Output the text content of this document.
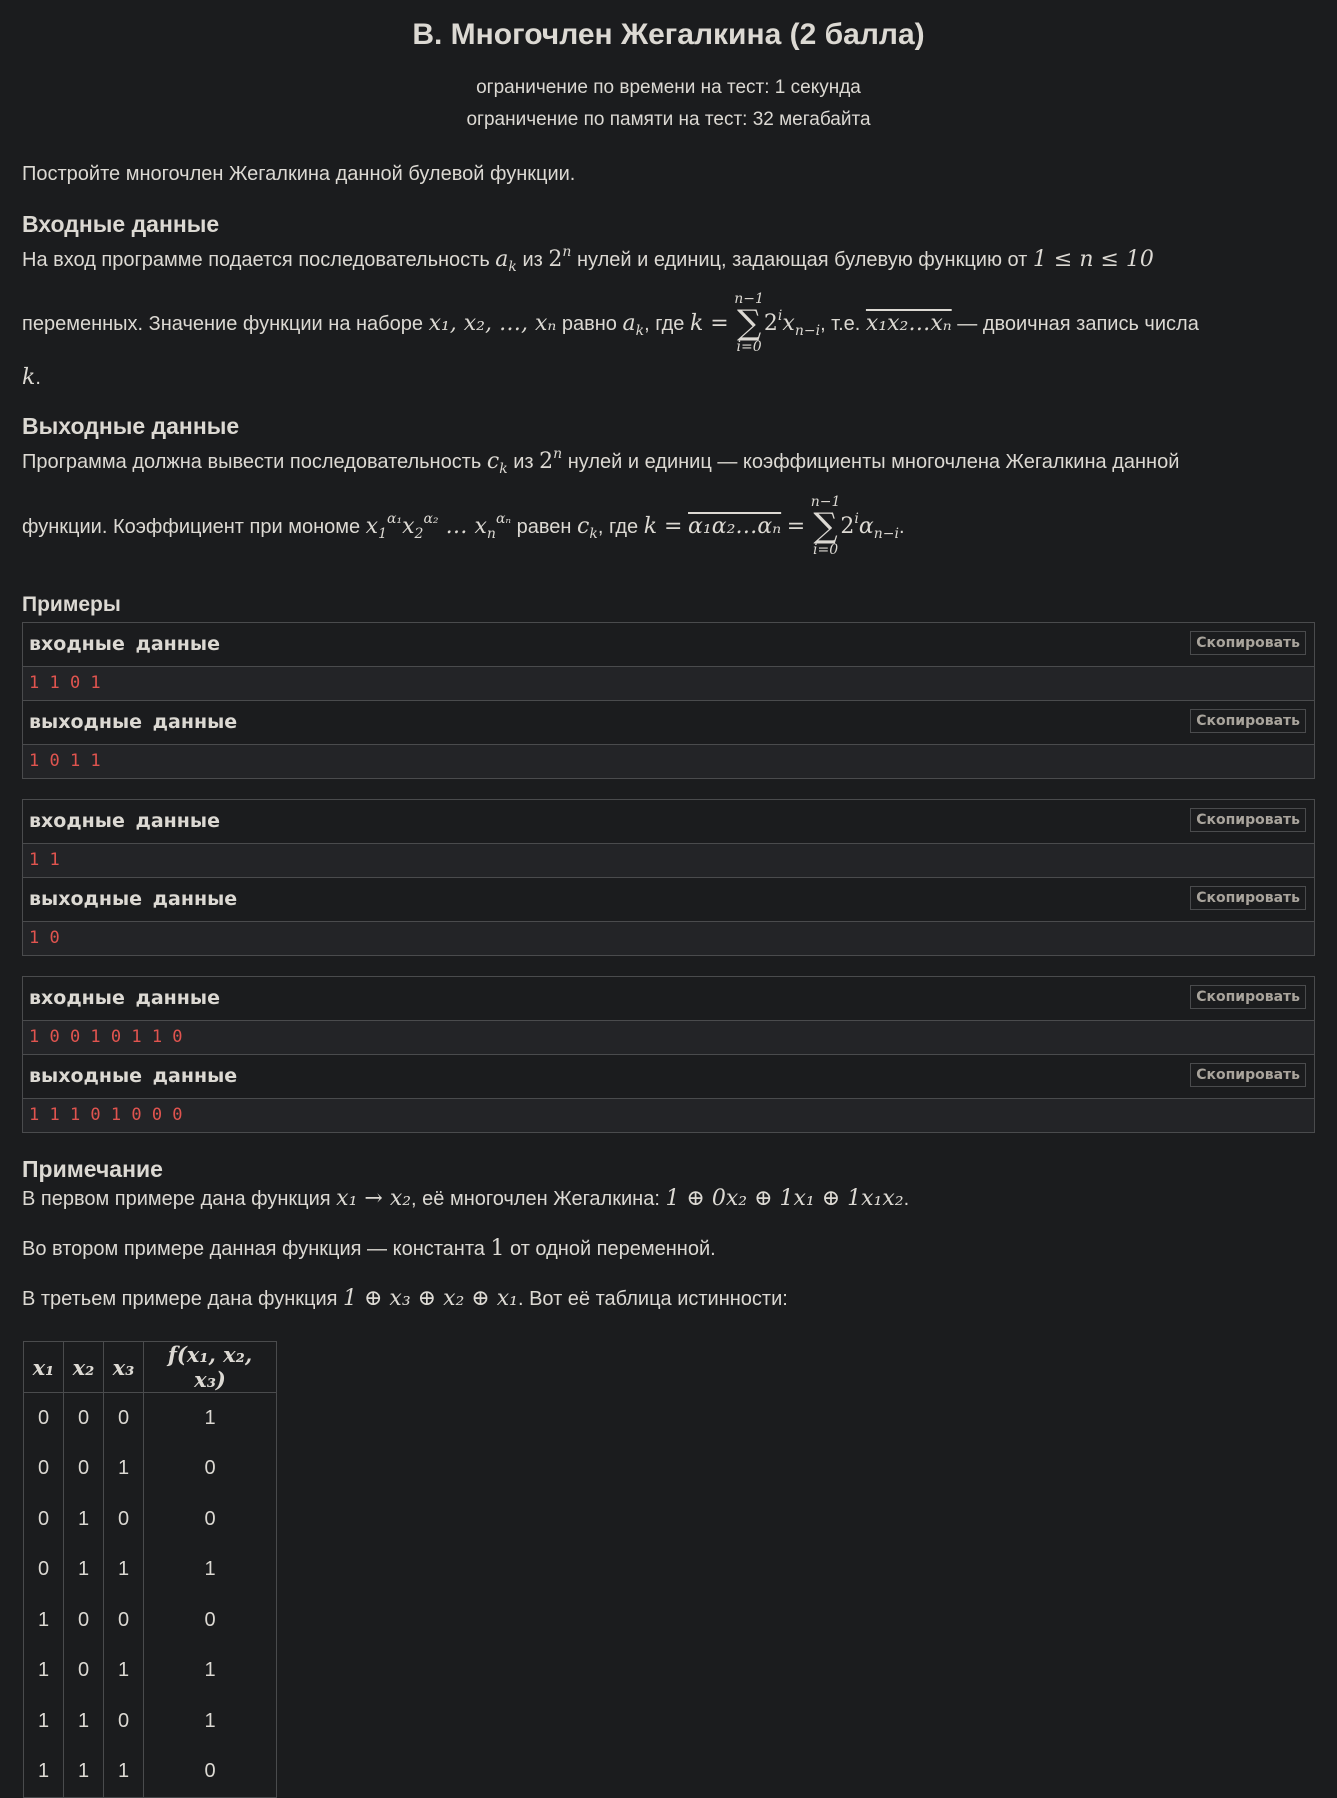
B. Многочлен Жегалкина (2 балла)
ограничение по времени на тест: 1 секунда
ограничение по памяти на тест: 32 мегабайта

Постройте многочлен Жегалкина данной булевой функции.

Входные данные

На вход программе подается последовательность $a_k$ из 2$^n$ нулей и единиц, задающая булевую функцию от 1 ≤ n ≤ 10

переменных. Значение функции на наборе x₁, x₂, …, xₙ равно $a_k$, где k =
n−1
∑
i=0
$2^ix_{n-i}$, т.е. x₁x₂…xₙ — двоичная запись числа

k.

Выходные данные

Программа должна вывести последовательность $c_k$ из 2$^n$ нулей и единиц — коэффициенты многочлена Жегалкина данной

функции. Коэффициент при мономе $x_1^{\alpha_1}x_2^{\alpha_2}$ … $x_n^{\alpha_n}$ равен $c_k$, где k = α₁α₂…αₙ =
n−1
∑
i=0
$2^i\alpha_{n-i}$.

Примеры
входные данные	Скопировать
1 1 0 1
выходные данные	Скопировать
1 0 1 1
входные данные	Скопировать
1 1
выходные данные	Скопировать
1 0
входные данные	Скопировать
1 0 0 1 0 1 1 0
выходные данные	Скопировать
1 1 1 0 1 0 0 0
Примечание

В первом примере дана функция x₁ → x₂, её многочлен Жегалкина: 1 ⊕ 0x₂ ⊕ 1x₁ ⊕ 1x₁x₂.

Во втором примере данная функция — константа 1 от одной переменной.

В третьем примере дана функция 1 ⊕ x₃ ⊕ x₂ ⊕ x₁. Вот её таблица истинности:

x₁	x₂	x₃	f(x₁, x₂, x₃)
0	0	0	1
0	0	1	0
0	1	0	0
0	1	1	1
1	0	0	0
1	0	1	1
1	1	0	1
1	1	1	0
